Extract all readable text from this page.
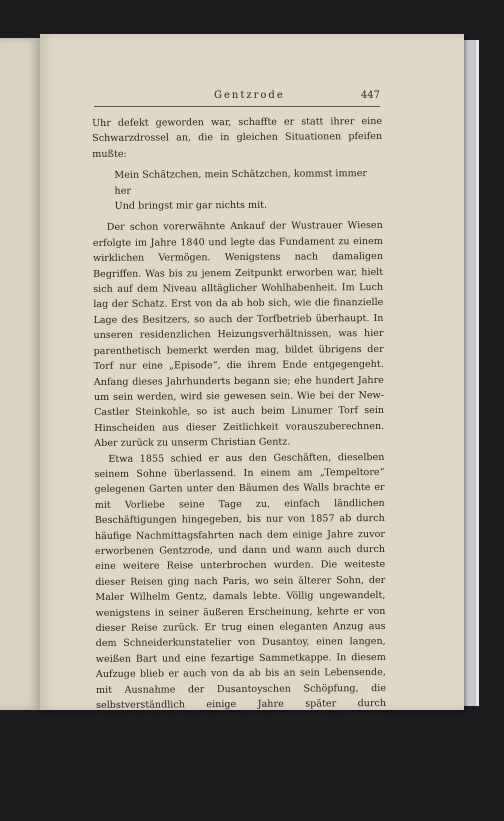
Gentzrode	447

Uhr defekt geworden war, schaffte er statt ihrer eine Schwarzdrossel an, die in gleichen Situationen pfeifen mußte:

Mein Schätzchen, mein Schätzchen, kommst immer her
Und bringst mir gar nichts mit.

Der schon vorerwähnte Ankauf der Wustrauer Wiesen erfolgte im Jahre 1840 und legte das Fundament zu einem wirklichen Vermögen. Wenigstens nach damaligen Begriffen. Was bis zu jenem Zeitpunkt erworben war, hielt sich auf dem Niveau alltäglicher Wohlhabenheit. Im Luch lag der Schatz. Erst von da ab hob sich, wie die finanzielle Lage des Besitzers, so auch der Torfbetrieb überhaupt. In unseren residenzlichen Heizungsverhältnissen, was hier parenthetisch bemerkt werden mag, bildet übrigens der Torf nur eine „Episode“, die ihrem Ende entgegengeht. Anfang dieses Jahrhunderts begann sie; ehe hundert Jahre um sein werden, wird sie gewesen sein. Wie bei der New-Castler Steinkohle, so ist auch beim Linumer Torf sein Hinscheiden aus dieser Zeitlichkeit vorauszuberechnen. Aber zurück zu unserm Christian Gentz.

Etwa 1855 schied er aus den Geschäften, dieselben seinem Sohne überlassend. In einem am „Tempeltore“ gelegenen Garten unter den Bäumen des Walls brachte er mit Vorliebe seine Tage zu, einfach ländlichen Beschäftigungen hingegeben, bis nur von 1857 ab durch häufige Nachmittagsfahrten nach dem einige Jahre zuvor erworbenen Gentzrode, und dann und wann auch durch eine weitere Reise unterbrochen wurden. Die weiteste dieser Reisen ging nach Paris, wo sein älterer Sohn, der Maler Wilhelm Gentz, damals lebte. Völlig ungewandelt, wenigstens in seiner äußeren Erscheinung, kehrte er von dieser Reise zurück. Er trug einen eleganten Anzug aus dem Schneiderkunstatelier von Dusantoy, einen langen, weißen Bart und eine fezartige Sammetkappe. In diesem Aufzuge blieb er auch von da ab bis an sein Lebensende, mit Ausnahme der Dusantoyschen Schöpfung, die selbstverständlich einige Jahre später durch Hervorbringungen bescheidener heimischer „Ateliers“ ersetzt werden mußte. Des weißen Bartes freute er sich besonders und widerstand allen Aufforderungen ihn wieder abzulegen. „Lange genug, so pflegte er zu sagen, habe ich einem hochlöblichen Publikum gedient und einen Philisterbart getragen, nun will ich frei sein und einen Demokratenbart tragen.“
